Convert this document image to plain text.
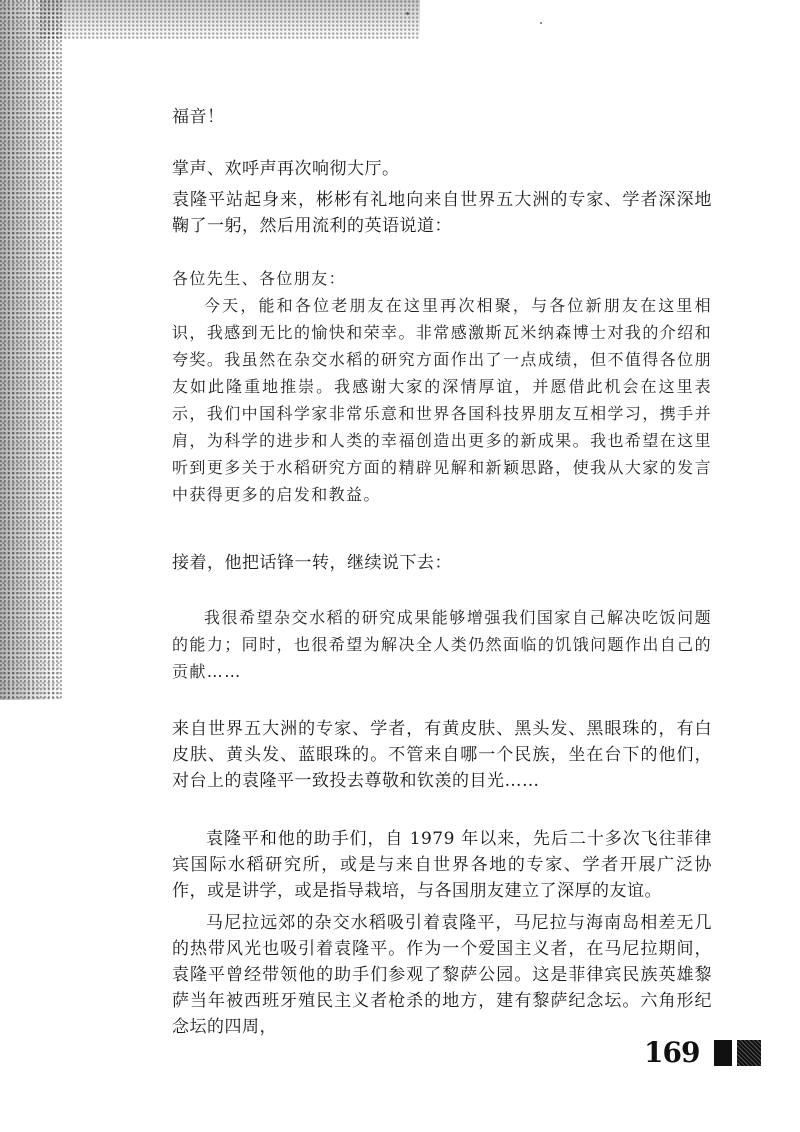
福音！

掌声、欢呼声再次响彻大厅。

袁隆平站起身来，彬彬有礼地向来自世界五大洲的专家、学者深深地鞠了一躬，然后用流利的英语说道：

各位先生、各位朋友：

今天，能和各位老朋友在这里再次相聚，与各位新朋友在这里相识，我感到无比的愉快和荣幸。非常感激斯瓦米纳森博士对我的介绍和夸奖。我虽然在杂交水稻的研究方面作出了一点成绩，但不值得各位朋友如此隆重地推崇。我感谢大家的深情厚谊，并愿借此机会在这里表示，我们中国科学家非常乐意和世界各国科技界朋友互相学习，携手并肩，为科学的进步和人类的幸福创造出更多的新成果。我也希望在这里听到更多关于水稻研究方面的精辟见解和新颖思路，使我从大家的发言中获得更多的启发和教益。

接着，他把话锋一转，继续说下去：

我很希望杂交水稻的研究成果能够增强我们国家自己解决吃饭问题的能力；同时，也很希望为解决全人类仍然面临的饥饿问题作出自己的贡献……

来自世界五大洲的专家、学者，有黄皮肤、黑头发、黑眼珠的，有白皮肤、黄头发、蓝眼珠的。不管来自哪一个民族，坐在台下的他们，对台上的袁隆平一致投去尊敬和钦羡的目光……

袁隆平和他的助手们，自 1979 年以来，先后二十多次飞往菲律宾国际水稻研究所，或是与来自世界各地的专家、学者开展广泛协作，或是讲学，或是指导栽培，与各国朋友建立了深厚的友谊。

马尼拉远郊的杂交水稻吸引着袁隆平，马尼拉与海南岛相差无几的热带风光也吸引着袁隆平。作为一个爱国主义者，在马尼拉期间，袁隆平曾经带领他的助手们参观了黎萨公园。这是菲律宾民族英雄黎萨当年被西班牙殖民主义者枪杀的地方，建有黎萨纪念坛。六角形纪念坛的四周，

169
